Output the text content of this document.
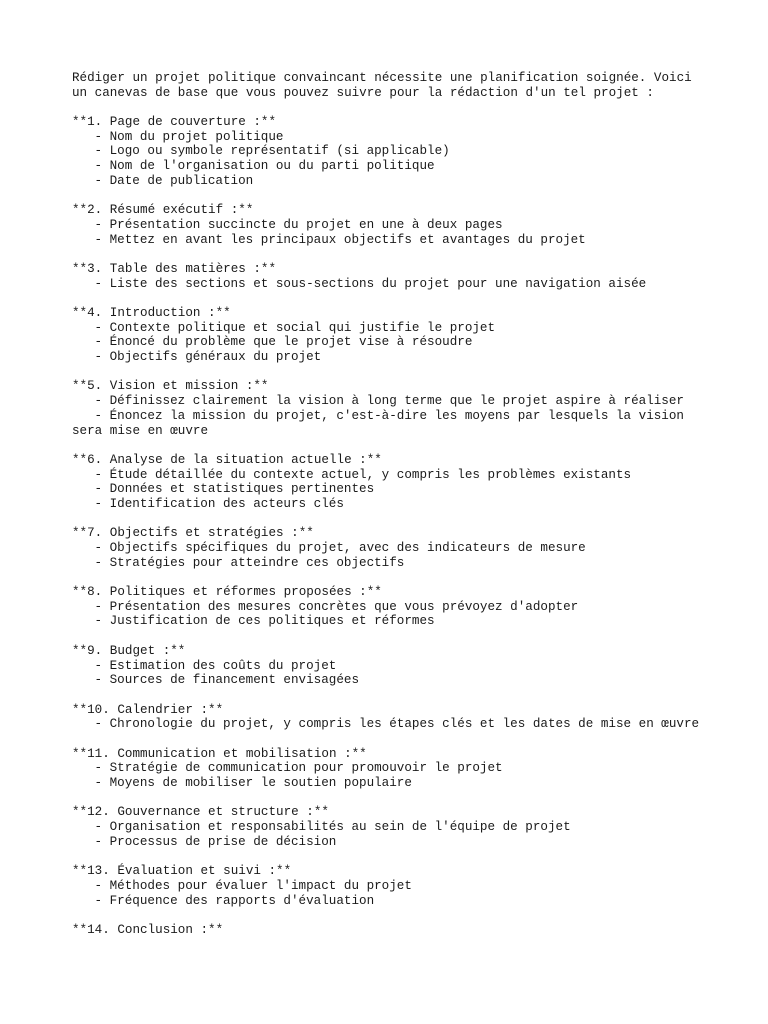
Rédiger un projet politique convaincant nécessite une planification soignée. Voici
un canevas de base que vous pouvez suivre pour la rédaction d'un tel projet :
**1. Page de couverture :**
- Nom du projet politique
- Logo ou symbole représentatif (si applicable)
- Nom de l'organisation ou du parti politique
- Date de publication
**2. Résumé exécutif :**
- Présentation succincte du projet en une à deux pages
- Mettez en avant les principaux objectifs et avantages du projet
**3. Table des matières :**
- Liste des sections et sous-sections du projet pour une navigation aisée
**4. Introduction :**
- Contexte politique et social qui justifie le projet
- Énoncé du problème que le projet vise à résoudre
- Objectifs généraux du projet
**5. Vision et mission :**
- Définissez clairement la vision à long terme que le projet aspire à réaliser
- Énoncez la mission du projet, c'est-à-dire les moyens par lesquels la vision
sera mise en œuvre
**6. Analyse de la situation actuelle :**
- Étude détaillée du contexte actuel, y compris les problèmes existants
- Données et statistiques pertinentes
- Identification des acteurs clés
**7. Objectifs et stratégies :**
- Objectifs spécifiques du projet, avec des indicateurs de mesure
- Stratégies pour atteindre ces objectifs
**8. Politiques et réformes proposées :**
- Présentation des mesures concrètes que vous prévoyez d'adopter
- Justification de ces politiques et réformes
**9. Budget :**
- Estimation des coûts du projet
- Sources de financement envisagées
**10. Calendrier :**
- Chronologie du projet, y compris les étapes clés et les dates de mise en œuvre
**11. Communication et mobilisation :**
- Stratégie de communication pour promouvoir le projet
- Moyens de mobiliser le soutien populaire
**12. Gouvernance et structure :**
- Organisation et responsabilités au sein de l'équipe de projet
- Processus de prise de décision
**13. Évaluation et suivi :**
- Méthodes pour évaluer l'impact du projet
- Fréquence des rapports d'évaluation
**14. Conclusion :**
